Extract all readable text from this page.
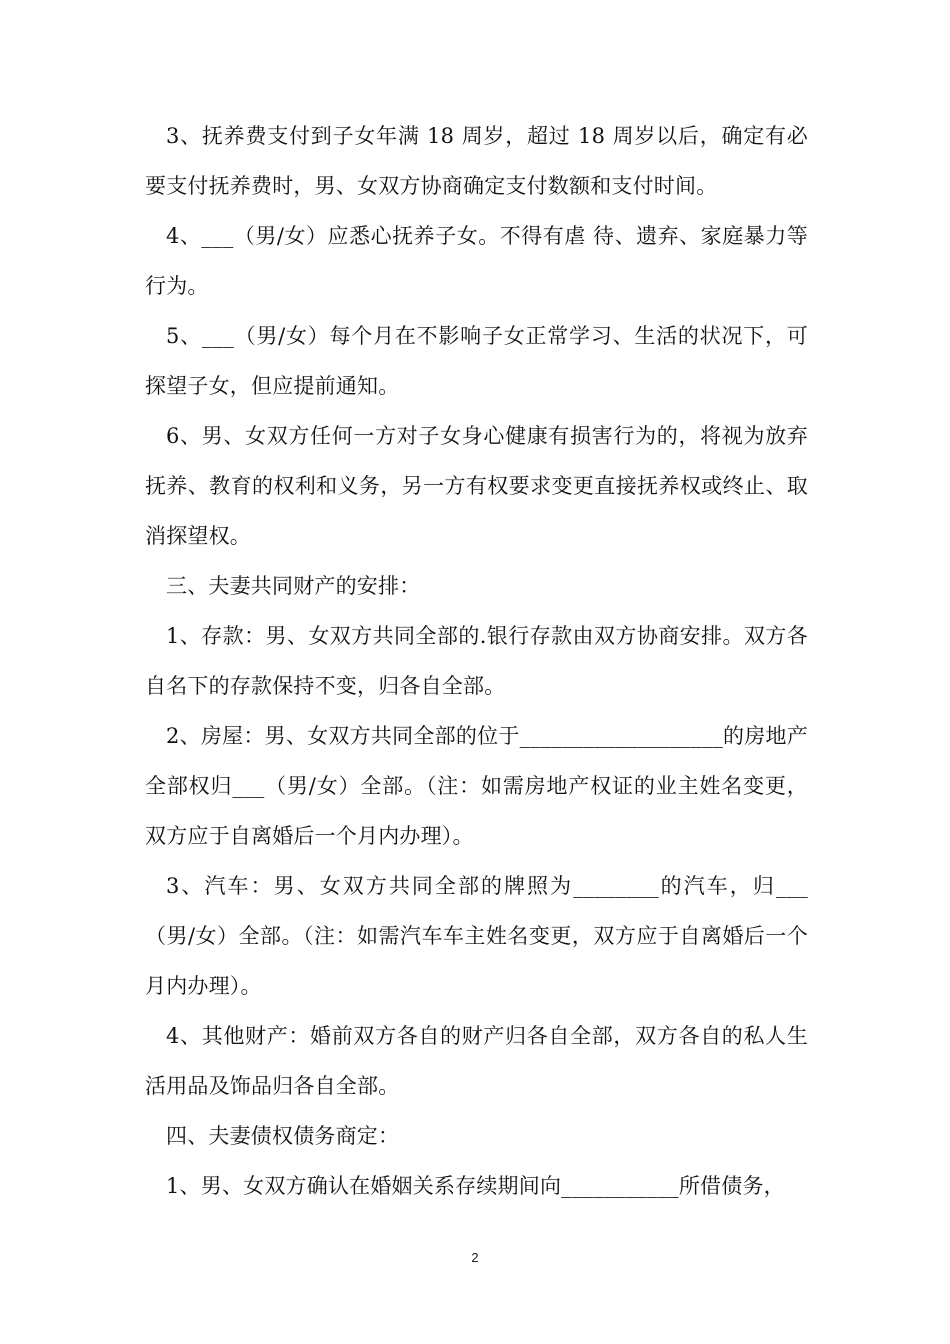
3、抚养费支付到子女年满 18 周岁，超过 18 周岁以后，确定有必要支付抚养费时，男、女双方协商确定支付数额和支付时间。

4、___（男/女）应悉心抚养子女。不得有虐 待、遗弃、家庭暴力等行为。

5、___（男/女）每个月在不影响子女正常学习、生活的状况下，可探望子女，但应提前通知。

6、男、女双方任何一方对子女身心健康有损害行为的，将视为放弃抚养、教育的权利和义务，另一方有权要求变更直接抚养权或终止、取消探望权。

三、夫妻共同财产的安排：

1、存款：男、女双方共同全部的.银行存款由双方协商安排。双方各自名下的存款保持不变，归各自全部。

2、房屋：男、女双方共同全部的位于___________________的房地产全部权归___（男/女）全部。（注：如需房地产权证的业主姓名变更，双方应于自离婚后一个月内办理）。

3、汽车：男、女双方共同全部的牌照为________的汽车，归___（男/女）全部。（注：如需汽车车主姓名变更，双方应于自离婚后一个月内办理）。

4、其他财产：婚前双方各自的财产归各自全部，双方各自的私人生活用品及饰品归各自全部。

四、夫妻债权债务商定：

1、男、女双方确认在婚姻关系存续期间向___________所借债务，

2
